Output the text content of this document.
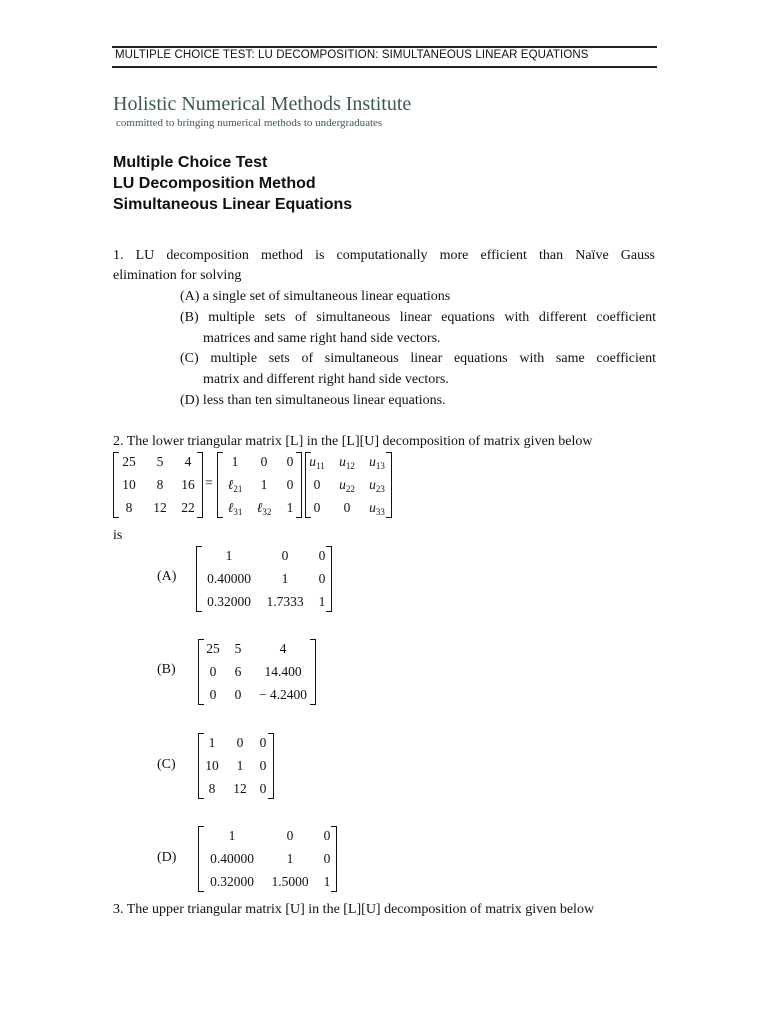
MULTIPLE CHOICE TEST: LU DECOMPOSITION: SIMULTANEOUS LINEAR EQUATIONS
Holistic Numerical Methods Institute
committed to bringing numerical methods to undergraduates
Multiple Choice Test
LU Decomposition Method
Simultaneous Linear Equations
1. LU decomposition method is computationally more efficient than Naïve Gauss
elimination for solving
(A) a single set of simultaneous linear equations
(B) multiple sets of simultaneous linear equations with different coefficient
matrices and same right hand side vectors.
(C) multiple sets of simultaneous linear equations with same coefficient
matrix and different right hand side vectors.
(D) less than ten simultaneous linear equations.
2. The lower triangular matrix [L] in the [L][U] decomposition of matrix given below
25	5	4
10	8	16
8	12	22
=
1	0	0
ℓ$_{21}$	1	0
ℓ$_{31}$	ℓ$_{32}$	1
$u_{11}$	$u_{12}$	$u_{13}$
0	$u_{22}$	$u_{23}$
0	0	$u_{33}$
is
(A)
1	0	0
0.40000	1	0
0.32000	1.7333	1
(B)
25	5	4
0	6	14.400
0	0	− 4.2400
(C)
1	0	0
10	1	0
8	12 0
(D)
1	0	0
0.40000	1	0
0.32000	1.5000	1
3. The upper triangular matrix [U] in the [L][U] decomposition of matrix given below
